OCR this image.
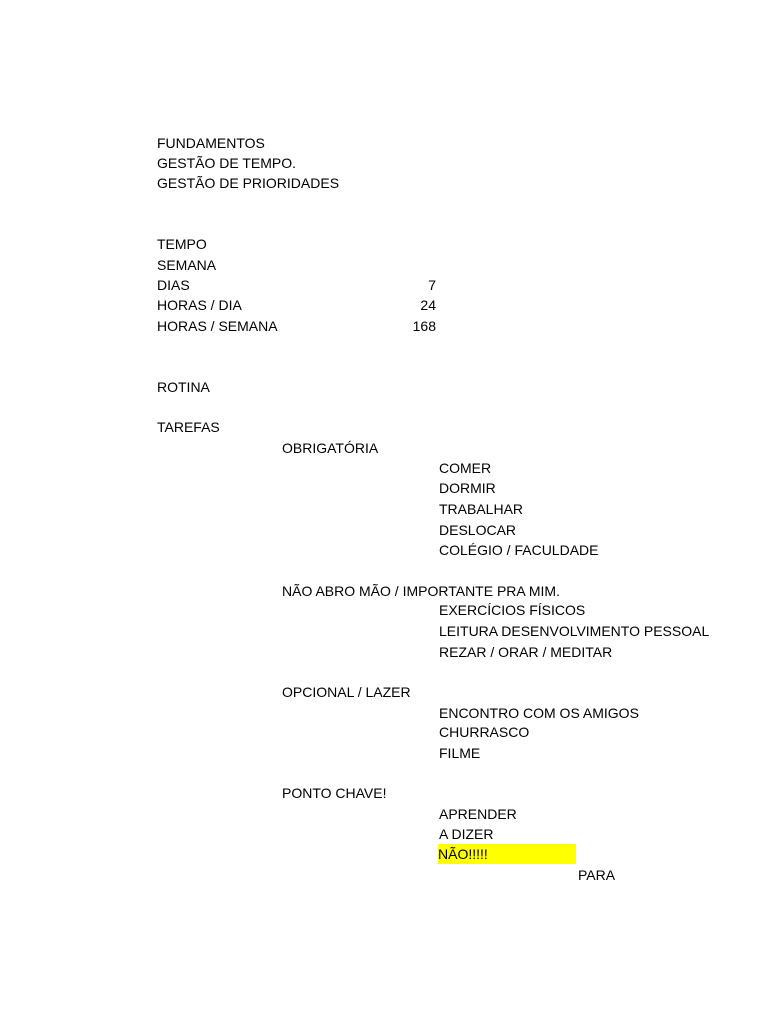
FUNDAMENTOS
GESTÃO DE TEMPO.
GESTÃO DE PRIORIDADES
TEMPO
SEMANA
DIAS	7
HORAS / DIA	24
HORAS / SEMANA	168
ROTINA
TAREFAS
OBRIGATÓRIA
COMER
DORMIR
TRABALHAR
DESLOCAR
COLÉGIO / FACULDADE
NÃO ABRO MÃO / IMPORTANTE PRA MIM.
EXERCÍCIOS FÍSICOS
LEITURA DESENVOLVIMENTO PESSOAL
REZAR / ORAR / MEDITAR
OPCIONAL / LAZER
ENCONTRO COM OS AMIGOS
CHURRASCO
FILME
PONTO CHAVE!
APRENDER
A DIZER
NÃO!!!!!
PARA
